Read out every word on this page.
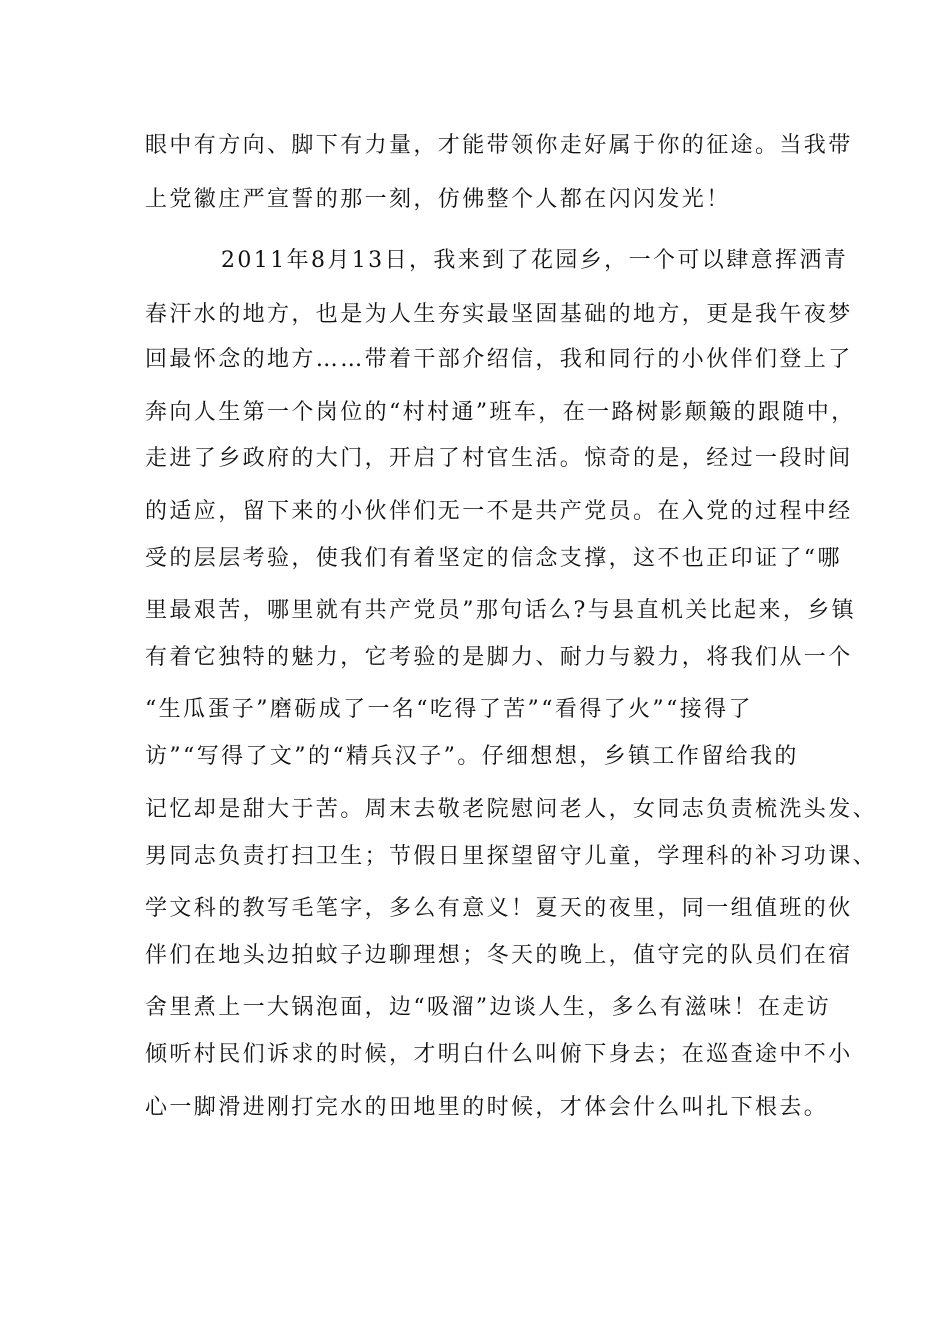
眼中有方向、脚下有力量，才能带领你走好属于你的征途。当我带
上党徽庄严宣誓的那一刻，仿佛整个人都在闪闪发光！
2011年8月13日，我来到了花园乡，一个可以肆意挥洒青
春汗水的地方，也是为人生夯实最坚固基础的地方，更是我午夜梦
回最怀念的地方……带着干部介绍信，我和同行的小伙伴们登上了
奔向人生第一个岗位的“村村通”班车，在一路树影颠簸的跟随中，
走进了乡政府的大门，开启了村官生活。惊奇的是，经过一段时间
的适应，留下来的小伙伴们无一不是共产党员。在入党的过程中经
受的层层考验，使我们有着坚定的信念支撑，这不也正印证了“哪
里最艰苦，哪里就有共产党员”那句话么?与县直机关比起来，乡镇
有着它独特的魅力，它考验的是脚力、耐力与毅力，将我们从一个
“生瓜蛋子”磨砺成了一名“吃得了苦”“看得了火”“接得了
访”“写得了文”的“精兵汉子”。仔细想想，乡镇工作留给我的
记忆却是甜大于苦。周末去敬老院慰问老人，女同志负责梳洗头发、
男同志负责打扫卫生；节假日里探望留守儿童，学理科的补习功课、
学文科的教写毛笔字，多么有意义！夏天的夜里，同一组值班的伙
伴们在地头边拍蚊子边聊理想；冬天的晚上，值守完的队员们在宿
舍里煮上一大锅泡面，边“吸溜”边谈人生，多么有滋味！在走访
倾听村民们诉求的时候，才明白什么叫俯下身去；在巡查途中不小
心一脚滑进刚打完水的田地里的时候，才体会什么叫扎下根去。
